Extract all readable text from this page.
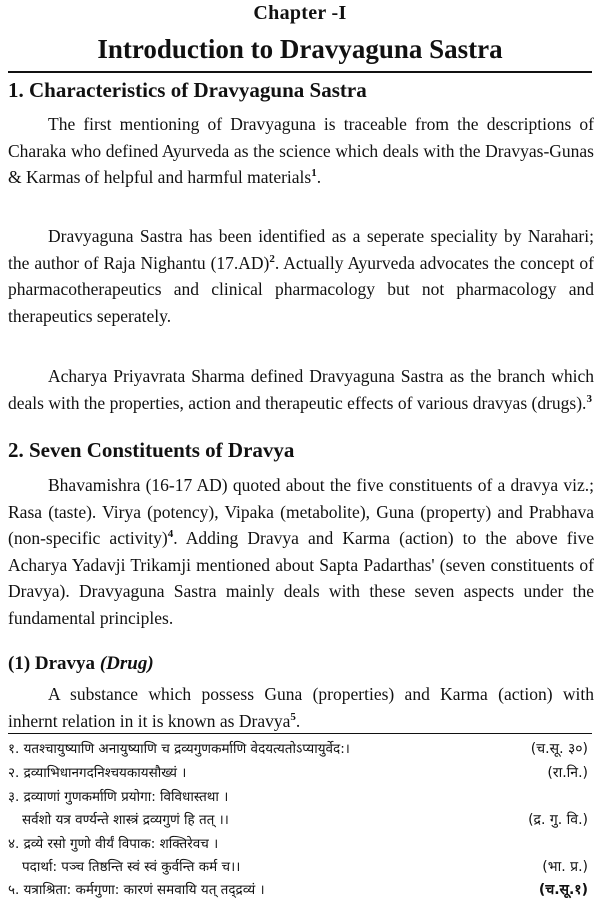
Chapter -I
Introduction to Dravyaguna Sastra
1. Characteristics of Dravyaguna Sastra

The first mentioning of Dravyaguna is traceable from the descriptions of Charaka who defined Ayurveda as the science which deals with the Dravyas-Gunas & Karmas of helpful and harmful materials$^1$.

Dravyaguna Sastra has been identified as a seperate speciality by Narahari; the author of Raja Nighantu $(17.AD)^2$. Actually Ayurveda advocates the concept of pharmacotherapeutics and clinical pharmacology but not pharmacology and therapeutics seperately.

Acharya Priyavrata Sharma defined Dravyaguna Sastra as the branch which deals with the properties, action and therapeutic effects of various dravyas (drugs).$^3$

2. Seven Constituents of Dravya

Bhavamishra (16-17 AD) quoted about the five constituents of a dravya viz.; Rasa (taste). Virya (potency), Vipaka (metabolite), Guna (property) and Prabhava (non-specific activity)$^4$. Adding Dravya and Karma (action) to the above five Acharya Yadavji Trikamji mentioned about Sapta Padarthas' (seven constituents of Dravya). Dravyaguna Sastra mainly deals with these seven aspects under the fundamental principles.

(1) Dravya (Drug)

A substance which possess Guna (properties) and Karma (action) with inhernt relation in it is known as Dravya$^5$.

१. यतश्चायुष्याणि अनायुष्याणि च द्रव्यगुणकर्माणि वेदयत्यतोऽप्यायुर्वेद:।	(च.सू. ३०)
२. द्रव्याभिधानगदनिश्चयकायसौख्यं ।	(रा.नि.)
३. द्रव्याणां गुणकर्माणि प्रयोगा: विविधास्तथा ।
सर्वशो यत्र वर्ण्यन्ते शास्त्रं द्रव्यगुणं हि तत् ।।	(द्र. गु. वि.)
४. द्रव्ये रसो गुणो वीर्यं विपाक: शक्तिरेवच ।
पदार्था: पञ्च तिष्ठन्ति स्वं स्वं कुर्वन्ति कर्म च।।	(भा. प्र.)
५. यत्राश्रिता: कर्मगुणा: कारणं समवायि यत् तद्द्रव्यं ।	(च.सू.१)
